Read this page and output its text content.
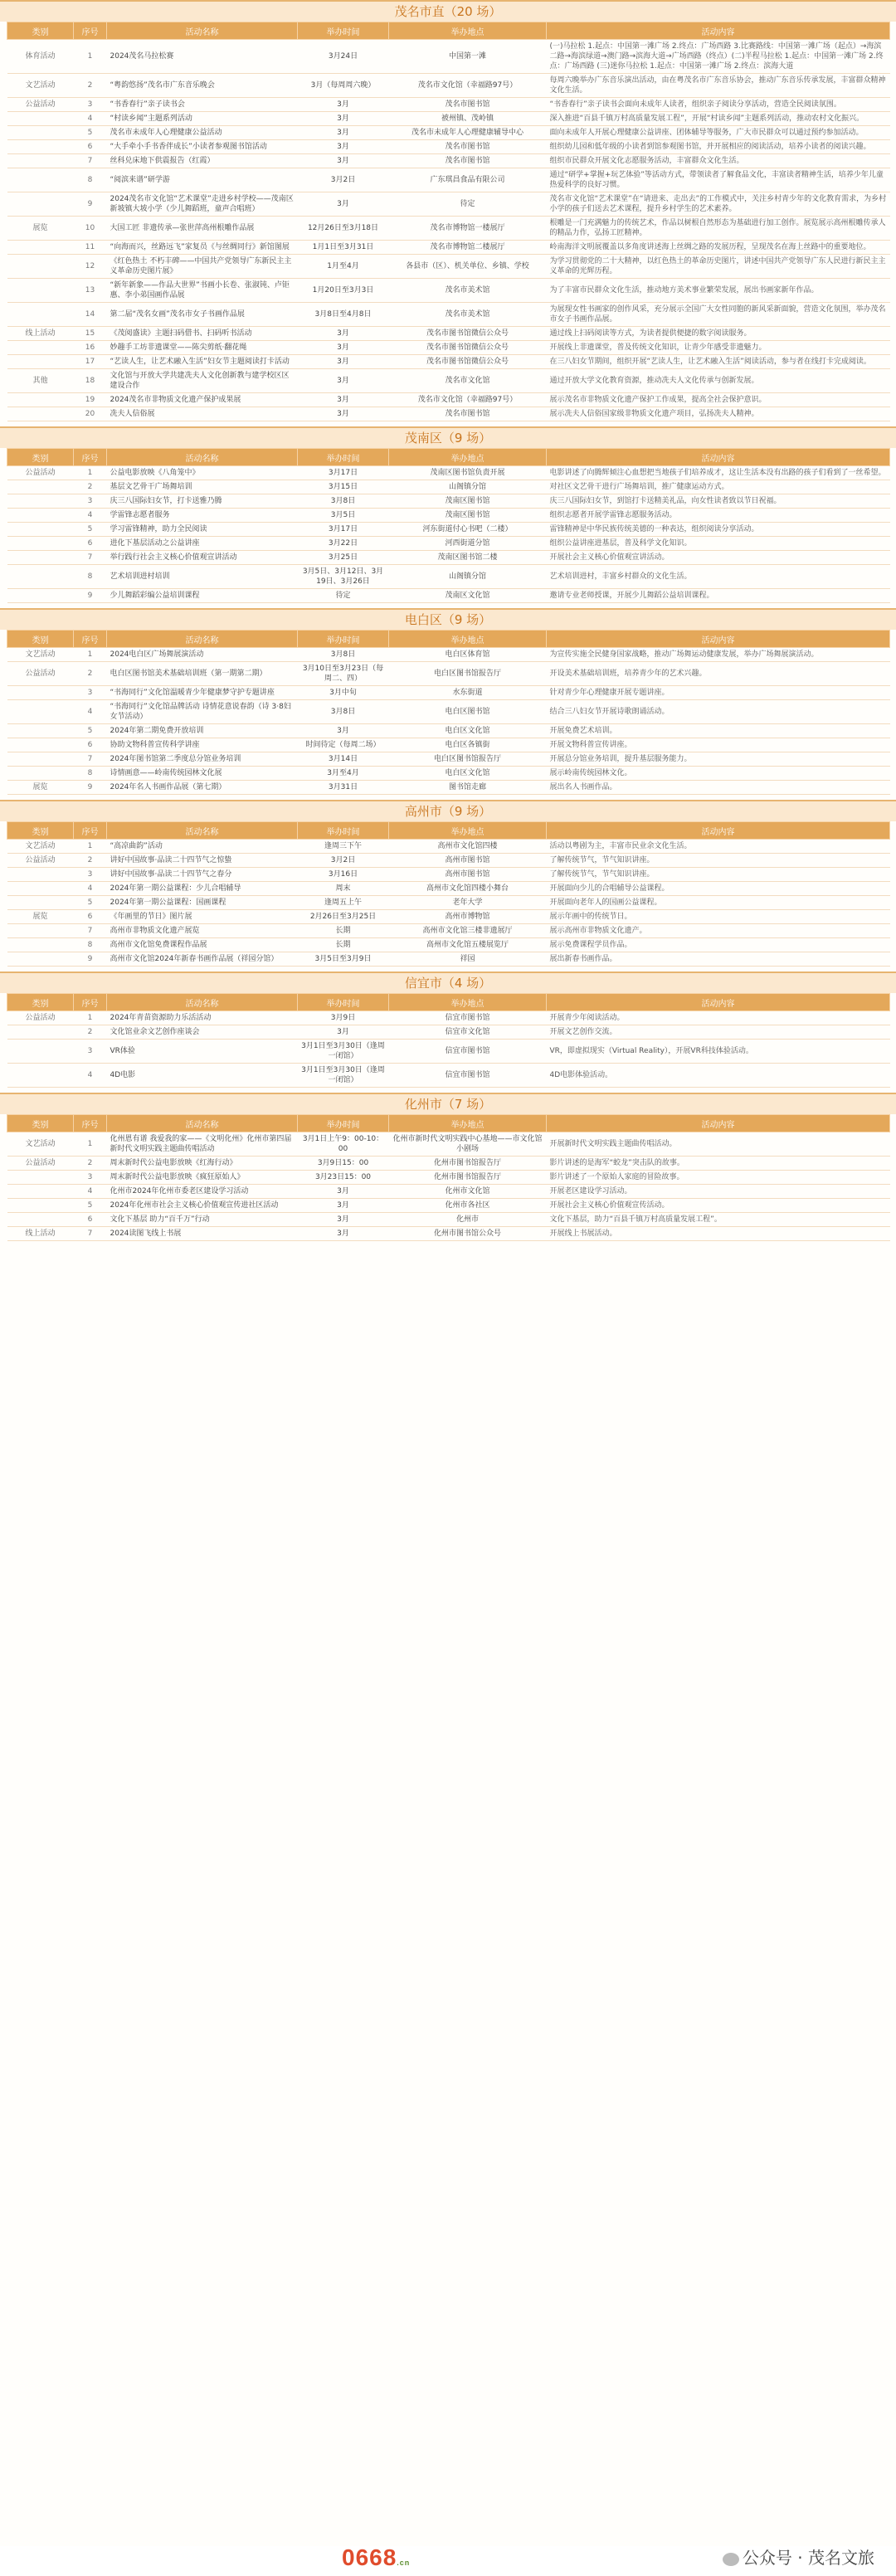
茂名市直（20 场）
类别	序号	活动名称	举办时间	举办地点	活动内容
体育活动	1	2024茂名马拉松赛	3月24日	中国第一滩	(一)马拉松 1.起点：中国第一滩广场 2.终点：广场西路 3.比赛路线：中国第一滩广场（起点）→海滨二路→海滨绿道→澳门路→滨海大道→广场西路（终点）(二)半程马拉松 1.起点：中国第一滩广场 2.终点：广场西路 (三)迷你马拉松 1.起点：中国第一滩广场 2.终点：滨海大道
文艺活动	2	“粤韵悠扬”茂名市广东音乐晚会	3月（每周周六晚）	茂名市文化馆（幸福路97号）	每周六晚举办广东音乐演出活动，由在粤茂名市广东音乐协会，推动广东音乐传承发展，丰富群众精神文化生活。
公益活动	3	“书香春行”亲子读书会	3月	茂名市图书馆	“书香春行”亲子读书会面向未成年人读者，组织亲子阅读分享活动，营造全民阅读氛围。
	4	“村读乡闻”主题系列活动	3月	被州镇、茂岭镇	深入推进“百县千镇万村高质量发展工程”，开展“村读乡闻”主题系列活动，推动农村文化振兴。
	5	茂名市未成年人心理健康公益活动	3月	茂名市未成年人心理健康辅导中心	面向未成年人开展心理健康公益讲座、团体辅导等服务，广大市民群众可以通过预约参加活动。
	6	“大手牵小手书香伴成长”小读者参观图书馆活动	3月	茂名市图书馆	组织幼儿园和低年级的小读者到馆参观图书馆，并开展相应的阅读活动，培养小读者的阅读兴趣。
	7	丝科兑床地下供震报告（红霞）	3月	茂名市图书馆	组织市民群众开展文化志愿服务活动，丰富群众文化生活。
	8	“阅滨来谱”研学游	3月2日	广东琪昌食品有限公司	通过“研学+掌握+玩艺体验”等活动方式，带领读者了解食品文化，丰富读者精神生活，培养少年儿童热爱科学的良好习惯。
	9	2024茂名市文化馆“艺术课堂”走进乡村学校——茂南区新坡镇大坡小学（少儿舞蹈班，童声合唱班）	3月	待定	茂名市文化馆“艺术课堂”在“请进来、走出去”的工作模式中，关注乡村青少年的文化教育需求，为乡村小学的孩子们送去艺术课程，提升乡村学生的艺术素养。
展览	10	大国工匠 非遗传承—张世萍高州根雕作品展	12月26日至3月18日	茂名市博物馆一楼展厅	根雕是一门充满魅力的传统艺术，作品以树根自然形态为基础进行加工创作。展览展示高州根雕传承人的精品力作，弘扬工匠精神。
	11	“向海而兴，丝路远飞”家复员《与丝绸同行》新馆图展	1月1日至3月31日	茂名市博物馆二楼展厅	岭南海洋文明展覆盖以多角度讲述海上丝绸之路的发展历程，呈现茂名在海上丝路中的重要地位。
	12	《红色热土 不朽丰碑——中国共产党领导广东新民主主义革命历史图片展》	1月至4月	各县市（区）、机关单位、乡镇、学校	为学习贯彻党的二十大精神，以红色热土的革命历史图片，讲述中国共产党领导广东人民进行新民主主义革命的光辉历程。
	13	“新年新象——作品大世界”书画小长卷、张淑钝、卢钜惠、李小弟国画作品展	1月20日至3月3日	茂名市美术馆	为了丰富市民群众文化生活，推动地方美术事业繁荣发展，展出书画家新年作品。
	14	第二届“茂名女画”茂名市女子书画作品展	3月8日至4月8日	茂名市美术馆	为展现女性书画家的创作风采，充分展示全国广大女性同胞的新风采新面貌，营造文化氛围，举办茂名市女子书画作品展。
线上活动	15	《茂阅盛读》主题扫码借书、扫码听书活动	3月	茂名市图书馆微信公众号	通过线上扫码阅读等方式，为读者提供便捷的数字阅读服务。
	16	妙趣手工坊非遗课堂——陈尖剪纸·翻花绳	3月	茂名市图书馆微信公众号	开展线上非遗课堂，普及传统文化知识，让青少年感受非遗魅力。
	17	“艺读人生，让艺术融入生活”妇女节主题阅读打卡活动	3月	茂名市图书馆微信公众号	在三八妇女节期间，组织开展“艺读人生，让艺术融入生活”阅读活动，参与者在线打卡完成阅读。
其他	18	文化馆与开放大学共建冼夫人文化创新教与建学校区区建设合作	3月	茂名市文化馆	通过开放大学文化教育资源，推动冼夫人文化传承与创新发展。
	19	2024茂名市非物质文化遗产保护成果展	3月	茂名市文化馆（幸福路97号）	展示茂名市非物质文化遗产保护工作成果，提高全社会保护意识。
	20	冼夫人信俗展	3月	茂名市图书馆	展示冼夫人信俗国家级非物质文化遗产项目，弘扬冼夫人精神。
茂南区（9 场）
类别	序号	活动名称	举办时间	举办地点	活动内容
公益活动	1	公益电影放映《八角笼中》	3月17日	茂南区图书馆负责开展	电影讲述了向腾辉倾注心血想把当地孩子们培养成才，这让生活本没有出路的孩子们看到了一丝希望。
	2	基层文艺骨干广场舞培训	3月15日	山阁镇分馆	对社区文艺骨干进行广场舞培训，推广健康运动方式。
	3	庆三八国际妇女节，打卡送雅乃腾	3月8日	茂南区图书馆	庆三八国际妇女节，到馆打卡送精美礼品，向女性读者致以节日祝福。
	4	学雷锋志愿者服务	3月5日	茂南区图书馆	组织志愿者开展学雷锋志愿服务活动。
	5	学习雷锋精神，助力全民阅读	3月17日	河东街道付心书吧（二楼）	雷锋精神是中华民族传统美德的一种表达，组织阅读分享活动。
	6	进化下基层活动之公益讲座	3月22日	河西街道分馆	组织公益讲座进基层，普及科学文化知识。
	7	举行践行社会主义核心价值观宣讲活动	3月25日	茂南区图书馆二楼	开展社会主义核心价值观宣讲活动。
	8	艺术培训进村培训	3月5日、3月12日、3月19日、3月26日	山阁镇分馆	艺术培训进村，丰富乡村群众的文化生活。
	9	少儿舞蹈彩编公益培训课程	待定	茂南区文化馆	邀请专业老师授课，开展少儿舞蹈公益培训课程。
电白区（9 场）
类别	序号	活动名称	举办时间	举办地点	活动内容
文艺活动	1	2024电白区广场舞展演活动	3月8日	电白区体育馆	为宣传实施全民健身国家战略，推动广场舞运动健康发展，举办广场舞展演活动。
公益活动	2	电白区图书馆美术基础培训班（第一期第二期）	3月10日至3月23日（每周二、四）	电白区图书馆报告厅	开设美术基础培训班，培养青少年的艺术兴趣。
	3	“书海同行”文化馆温暖青少年健康梦守护专题讲座	3月中旬	水东街道	针对青少年心理健康开展专题讲座。
	4	“书海同行”文化馆品牌活动 诗情花意说春韵（诗 3·8妇女节活动）	3月8日	电白区图书馆	结合三八妇女节开展诗歌朗诵活动。
	5	2024年第二期免费开放培训	3月	电白区文化馆	开展免费艺术培训。
	6	协助文物科普宣传科学讲座	时间待定（每周二场）	电白区各镇街	开展文物科普宣传讲座。
	7	2024年图书馆第二季度总分馆业务培训	3月14日	电白区图书馆报告厅	开展总分馆业务培训，提升基层服务能力。
	8	诗情画意——岭南传统园林文化展	3月至4月	电白区文化馆	展示岭南传统园林文化。
展览	9	2024年名人书画作品展（第七期）	3月31日	图书馆走廊	展出名人书画作品。
高州市（9 场）
类别	序号	活动名称	举办时间	举办地点	活动内容
文艺活动	1	“高凉曲韵”活动	逢周三下午	高州市文化馆四楼	活动以粤剧为主，丰富市民业余文化生活。
公益活动	2	讲好中国故事·品读二十四节气之惊蛰	3月2日	高州市图书馆	了解传统节气，节气知识讲座。
	3	讲好中国故事·品读二十四节气之春分	3月16日	高州市图书馆	了解传统节气，节气知识讲座。
	4	2024年第一期公益课程：少儿合唱辅导	周末	高州市文化馆四楼小舞台	开展面向少儿的合唱辅导公益课程。
	5	2024年第一期公益课程：国画课程	逢周五上午	老年大学	开展面向老年人的国画公益课程。
展览	6	《年画里的节日》图片展	2月26日至3月25日	高州市博物馆	展示年画中的传统节日。
	7	高州市非物质文化遗产展览	长期	高州市文化馆三楼非遗展厅	展示高州市非物质文化遗产。
	8	高州市文化馆免费课程作品展	长期	高州市文化馆五楼展览厅	展示免费课程学员作品。
	9	高州市文化馆2024年新春书画作品展（祥园分馆）	3月5日至3月9日	祥园	展出新春书画作品。
信宜市（4 场）
类别	序号	活动名称	举办时间	举办地点	活动内容
公益活动	1	2024年青苗资源助力乐活活动	3月9日	信宜市图书馆	开展青少年阅读活动。
	2	文化馆业余文艺创作座谈会	3月	信宜市文化馆	开展文艺创作交流。
	3	VR体验	3月1日至3月30日（逢周一闭馆）	信宜市图书馆	VR，即虚拟现实（Virtual Reality），开展VR科技体验活动。
	4	4D电影	3月1日至3月30日（逢周一闭馆）	信宜市图书馆	4D电影体验活动。
化州市（7 场）
类别	序号	活动名称	举办时间	举办地点	活动内容
文艺活动	1	化州恩有谱 我爱我的家——《文明化州》化州市第四届新时代文明实践主题曲传唱活动	3月1日上午9：00-10：00	化州市新时代文明实践中心基地——市文化馆小剧场	开展新时代文明实践主题曲传唱活动。
公益活动	2	周末新时代公益电影放映《红海行动》	3月9日15：00	化州市图书馆报告厅	影片讲述的是海军“蛟龙”突击队的故事。
	3	周末新时代公益电影放映《疯狂原始人》	3月23日15：00	化州市图书馆报告厅	影片讲述了一个原始人家庭的冒险故事。
	4	化州市2024年化州市委老区建设学习活动	3月	化州市文化馆	开展老区建设学习活动。
	5	2024年化州市社会主义核心价值观宣传进社区活动	3月	化州市各社区	开展社会主义核心价值观宣传活动。
	6	文化下基层 助力“百千万”行动	3月	化州市	文化下基层，助力“百县千镇万村高质量发展工程”。
线上活动	7	2024读图飞线上书展	3月	化州市图书馆公众号	开展线上书展活动。
0668.cn	公众号 · 茂名文旅
